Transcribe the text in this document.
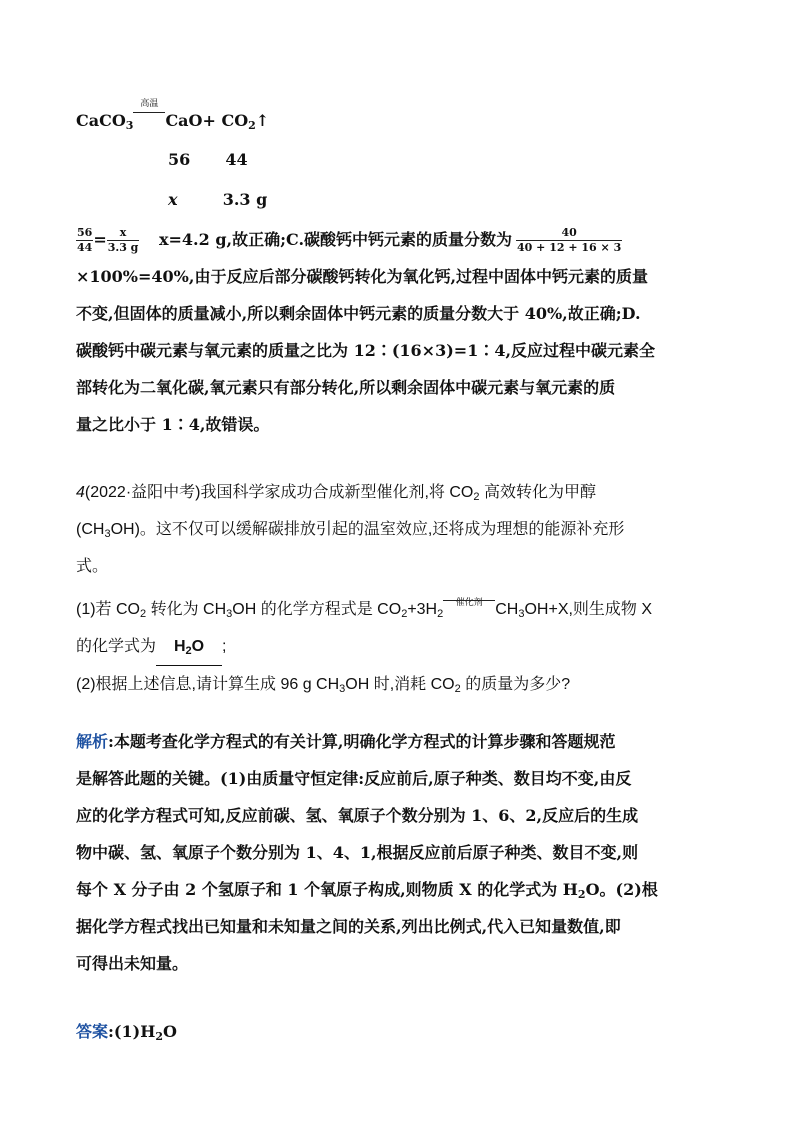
CaCO$_3$
高温
$CaO+ CO_2↑$
56 44
x	3.3 g
$\frac{56}{44} = \frac{x}{3.3 g} x=4.2$ g,故正确;C.碳酸钙中钙元素的质量分数为 $\frac{40}{40 + 12 + 16 \times 3}$
×100%=40%,由于反应后部分碳酸钙转化为氧化钙,过程中固体中钙元素的质量
不变,但固体的质量减小,所以剩余固体中钙元素的质量分数大于 40%,故正确;D.
碳酸钙中碳元素与氧元素的质量之比为 12∶(16×3)=1∶4,反应过程中碳元素全
部转化为二氧化碳,氧元素只有部分转化,所以剩余固体中碳元素与氧元素的质
量之比小于 1∶4,故错误。
4(2022·益阳中考)我国科学家成功合成新型催化剂,将 $CO_2$ 高效转化为甲醇
$(CH_3OH)$。这不仅可以缓解碳排放引起的温室效应,还将成为理想的能源补充形
式。
(1)若 $CO_2$ 转化为 $CH_3OH$ 的化学方程式是 $CO_2+3H_2$
催化剂 $CH_3OH+X$,则生成物 X
的化学式为 $H_2O$ ;
(2)根据上述信息,请计算生成 96 g $CH_3OH$ 时,消耗 $CO_2$ 的质量为多少?
解析:本题考查化学方程式的有关计算,明确化学方程式的计算步骤和答题规范
是解答此题的关键。(1)由质量守恒定律:反应前后,原子种类、数目均不变,由反
应的化学方程式可知,反应前碳、氢、氧原子个数分别为 1、6、2,反应后的生成
物中碳、氢、氧原子个数分别为 1、4、1,根据反应前后原子种类、数目不变,则
每个 X 分子由 2 个氢原子和 1 个氧原子构成,则物质 X 的化学式为 $H_2O$。(2)根
据化学方程式找出已知量和未知量之间的关系,列出比例式,代入已知量数值,即
可得出未知量。
答案$:(1)H_2O$
